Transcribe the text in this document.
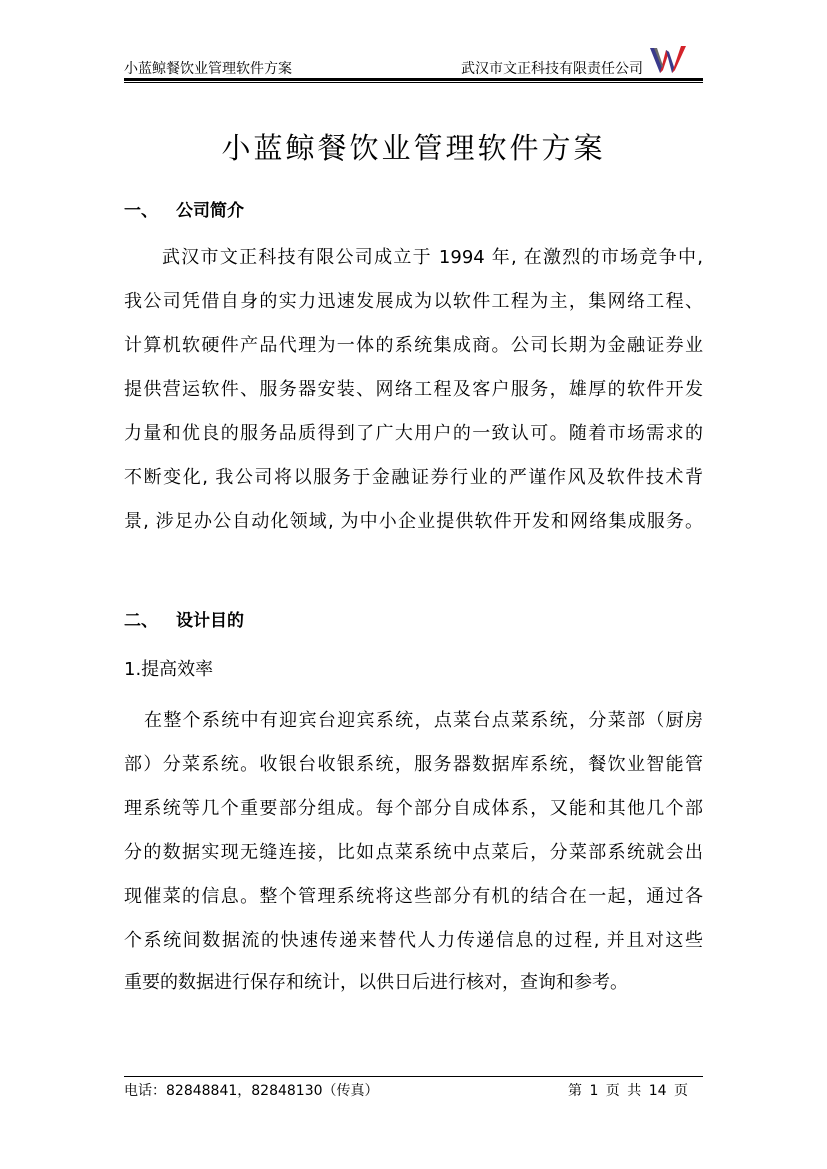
小蓝鲸餐饮业管理软件方案	武汉市文正科技有限责任公司
小蓝鲸餐饮业管理软件方案
一、 公司简介
武汉市文正科技有限公司成立于 1994 年, 在激烈的市场竞争中,
我公司凭借自身的实力迅速发展成为以软件工程为主，集网络工程、
计算机软硬件产品代理为一体的系统集成商。公司长期为金融证券业
提供营运软件、服务器安装、网络工程及客户服务，雄厚的软件开发
力量和优良的服务品质得到了广大用户的一致认可。随着市场需求的
不断变化, 我公司将以服务于金融证券行业的严谨作风及软件技术背
景, 涉足办公自动化领域, 为中小企业提供软件开发和网络集成服务。
二、 设计目的
1.提高效率
在整个系统中有迎宾台迎宾系统，点菜台点菜系统，分菜部（厨房
部）分菜系统。收银台收银系统，服务器数据库系统，餐饮业智能管
理系统等几个重要部分组成。每个部分自成体系，又能和其他几个部
分的数据实现无缝连接，比如点菜系统中点菜后，分菜部系统就会出
现催菜的信息。整个管理系统将这些部分有机的结合在一起，通过各
个系统间数据流的快速传递来替代人力传递信息的过程, 并且对这些
重要的数据进行保存和统计，以供日后进行核对，查询和参考。
电话：82848841，82848130（传真）	第 1 页 共 14 页
